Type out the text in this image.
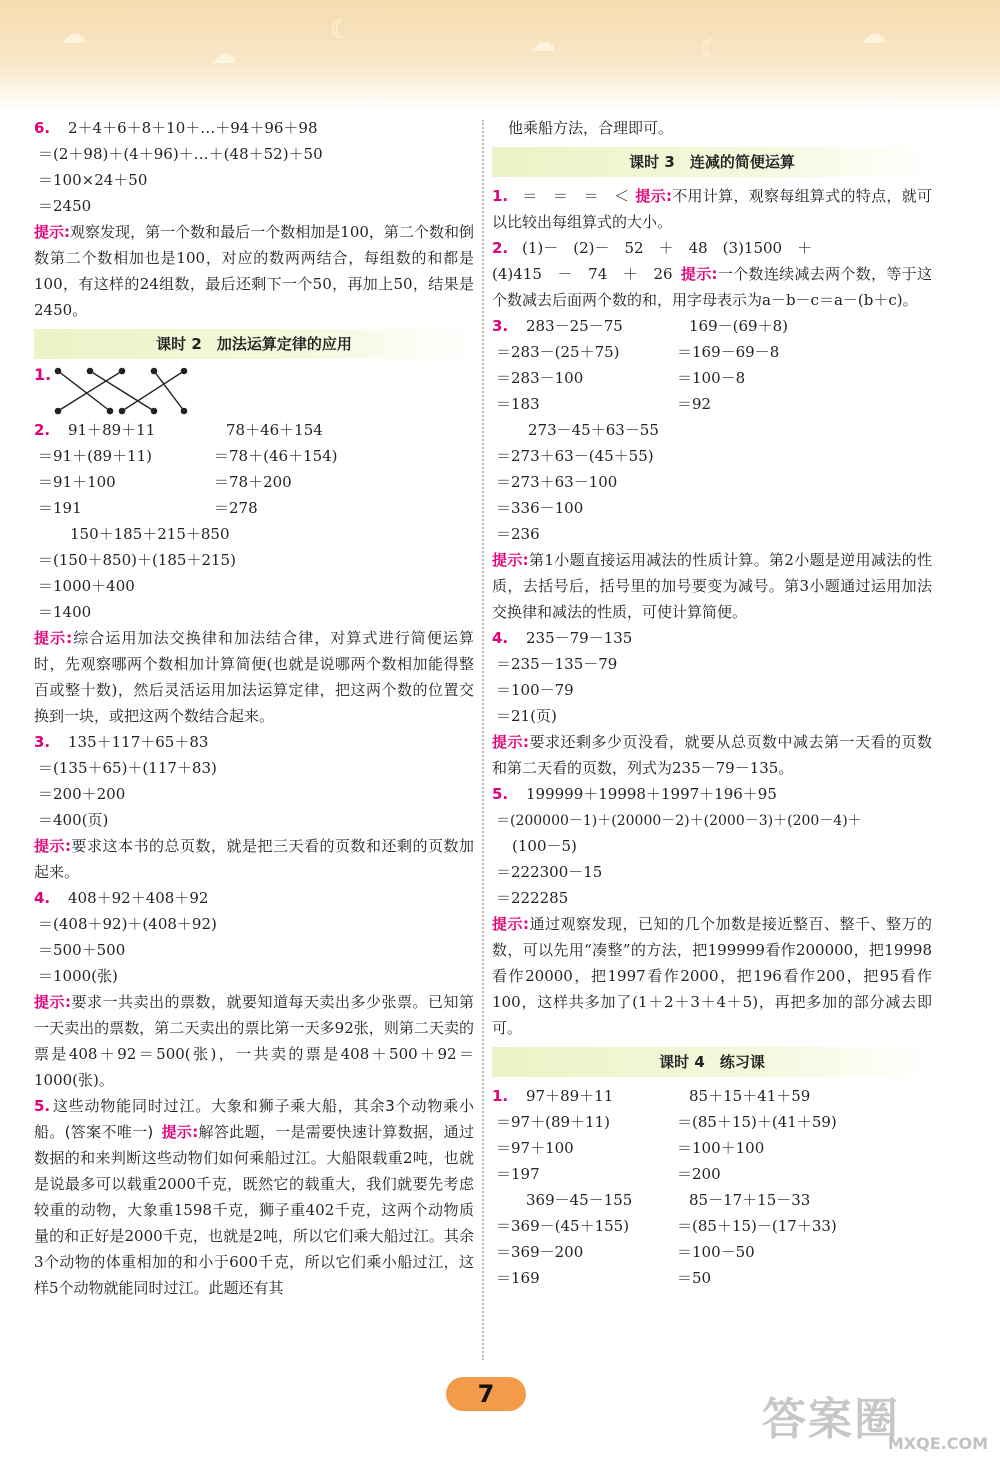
☁
☁
☾	☁	☾	☁
6. 2＋4＋6＋8＋10＋…＋94＋96＋98
＝(2＋98)＋(4＋96)＋…＋(48＋52)＋50
＝100×24＋50
＝2450
提示:观察发现，第一个数和最后一个数相加是100，第二个数和倒数第二个数相加也是100，对应的数两两结合，每组数的和都是100，有这样的24组数，最后还剩下一个50，再加上50，结果是2450。
课时 2　加法运算定律的应用
1.
2. 91＋89＋11
＝91＋(89＋11)
＝91＋100
＝191
78＋46＋154
＝78＋(46＋154)
＝78＋200
＝278
150＋185＋215＋850
＝(150＋850)＋(185＋215)
＝1000＋400
＝1400
提示:综合运用加法交换律和加法结合律，对算式进行简便运算时，先观察哪两个数相加计算简便(也就是说哪两个数相加能得整百或整十数)，然后灵活运用加法运算定律，把这两个数的位置交换到一块，或把这两个数结合起来。
3. 135＋117＋65＋83
＝(135＋65)＋(117＋83)
＝200＋200
＝400(页)
提示:要求这本书的总页数，就是把三天看的页数和还剩的页数加起来。
4. 408＋92＋408＋92
＝(408＋92)＋(408＋92)
＝500＋500
＝1000(张)
提示:要求一共卖出的票数，就要知道每天卖出多少张票。已知第一天卖出的票数，第二天卖出的票比第一天多92张，则第二天卖的票是408＋92＝500(张)，一共卖的票是408＋500＋92＝1000(张)。
5. 这些动物能同时过江。大象和狮子乘大船，其余3个动物乘小船。(答案不唯一) 提示:解答此题，一是需要快速计算数据，通过数据的和来判断这些动物们如何乘船过江。大船限载重2吨，也就是说最多可以载重2000千克，既然它的载重大，我们就要先考虑较重的动物，大象重1598千克，狮子重402千克，这两个动物质量的和正好是2000千克，也就是2吨，所以它们乘大船过江。其余3个动物的体重相加的和小于600千克，所以它们乘小船过江，这样5个动物就能同时过江。此题还有其
他乘船方法，合理即可。
课时 3　连减的简便运算
1. ＝　＝　＝　＜ 提示:不用计算，观察每组算式的特点，就可以比较出每组算式的大小。
2. (1)－　(2)－　52　＋　48　(3)1500　＋
(4)415　－　74　＋　26 提示:一个数连续减去两个数，等于这个数减去后面两个数的和，用字母表示为a－b－c＝a－(b＋c)。
3. 283－25－75
＝283－(25＋75)
＝283－100
＝183
169－(69＋8)
＝169－69－8
＝100－8
＝92
273－45＋63－55
＝273＋63－(45＋55)
＝273＋63－100
＝336－100
＝236
提示:第1小题直接运用减法的性质计算。第2小题是逆用减法的性质，去括号后，括号里的加号要变为减号。第3小题通过运用加法交换律和减法的性质，可使计算简便。
4. 235－79－135
＝235－135－79
＝100－79
＝21(页)
提示:要求还剩多少页没看，就要从总页数中减去第一天看的页数和第二天看的页数，列式为235－79－135。
5. 199999＋19998＋1997＋196＋95
＝(200000－1)＋(20000－2)＋(2000－3)＋(200－4)＋
(100－5)
＝222300－15
＝222285
提示:通过观察发现，已知的几个加数是接近整百、整千、整万的数，可以先用“凑整”的方法，把199999看作200000，把19998看作20000，把1997看作2000，把196看作200，把95看作100，这样共多加了(1＋2＋3＋4＋5)，再把多加的部分减去即可。
课时 4　练习课
1. 97＋89＋11
＝97＋(89＋11)
＝97＋100
＝197
85＋15＋41＋59
＝(85＋15)＋(41＋59)
＝100＋100
＝200
369－45－155
＝369－(45＋155)
＝369－200
＝169
85－17＋15－33
＝(85＋15)－(17＋33)
＝100－50
＝50
7	答案圈
MXQE.COM
